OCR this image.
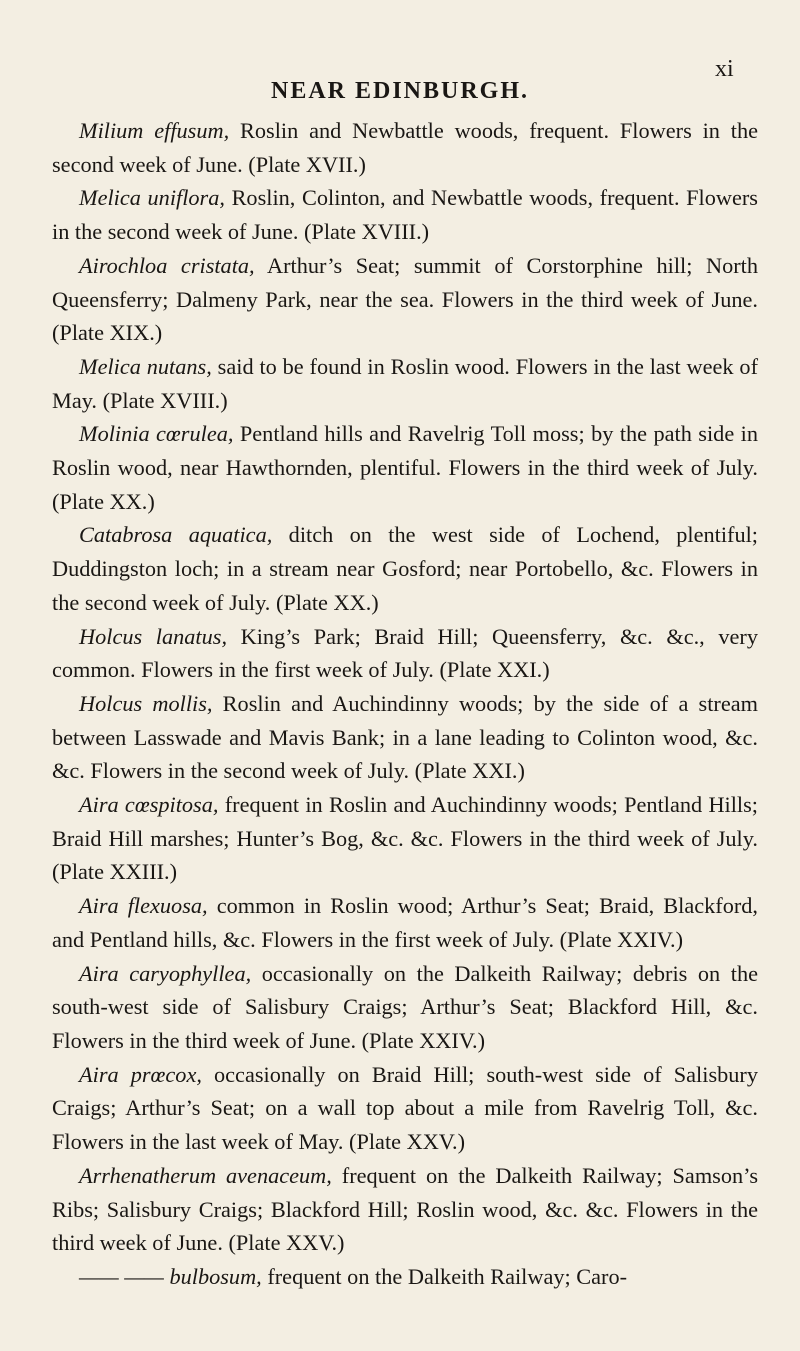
NEAR EDINBURGH.
xi

Milium effusum, Roslin and Newbattle woods, frequent. Flowers in the second week of June. (Plate XVII.)

Melica uniflora, Roslin, Colinton, and Newbattle woods, frequent. Flowers in the second week of June. (Plate XVIII.)

Airochloa cristata, Arthur’s Seat; summit of Corstorphine hill; North Queensferry; Dalmeny Park, near the sea. Flowers in the third week of June. (Plate XIX.)

Melica nutans, said to be found in Roslin wood. Flowers in the last week of May. (Plate XVIII.)

Molinia cœrulea, Pentland hills and Ravelrig Toll moss; by the path side in Roslin wood, near Hawthornden, plentiful. Flowers in the third week of July. (Plate XX.)

Catabrosa aquatica, ditch on the west side of Lochend, plentiful; Duddingston loch; in a stream near Gosford; near Portobello, &c. Flowers in the second week of July. (Plate XX.)

Holcus lanatus, King’s Park; Braid Hill; Queensferry, &c. &c., very common. Flowers in the first week of July. (Plate XXI.)

Holcus mollis, Roslin and Auchindinny woods; by the side of a stream between Lasswade and Mavis Bank; in a lane leading to Colinton wood, &c. &c. Flowers in the second week of July. (Plate XXI.)

Aira cœspitosa, frequent in Roslin and Auchindinny woods; Pentland Hills; Braid Hill marshes; Hunter’s Bog, &c. &c. Flowers in the third week of July. (Plate XXIII.)

Aira flexuosa, common in Roslin wood; Arthur’s Seat; Braid, Blackford, and Pentland hills, &c. Flowers in the first week of July. (Plate XXIV.)

Aira caryophyllea, occasionally on the Dalkeith Railway; debris on the south-west side of Salisbury Craigs; Arthur’s Seat; Blackford Hill, &c. Flowers in the third week of June. (Plate XXIV.)

Aira prœcox, occasionally on Braid Hill; south-west side of Salisbury Craigs; Arthur’s Seat; on a wall top about a mile from Ravelrig Toll, &c. Flowers in the last week of May. (Plate XXV.)

Arrhenatherum avenaceum, frequent on the Dalkeith Railway; Samson’s Ribs; Salisbury Craigs; Blackford Hill; Roslin wood, &c. &c. Flowers in the third week of June. (Plate XXV.)

—— —— bulbosum, frequent on the Dalkeith Railway; Caro-
